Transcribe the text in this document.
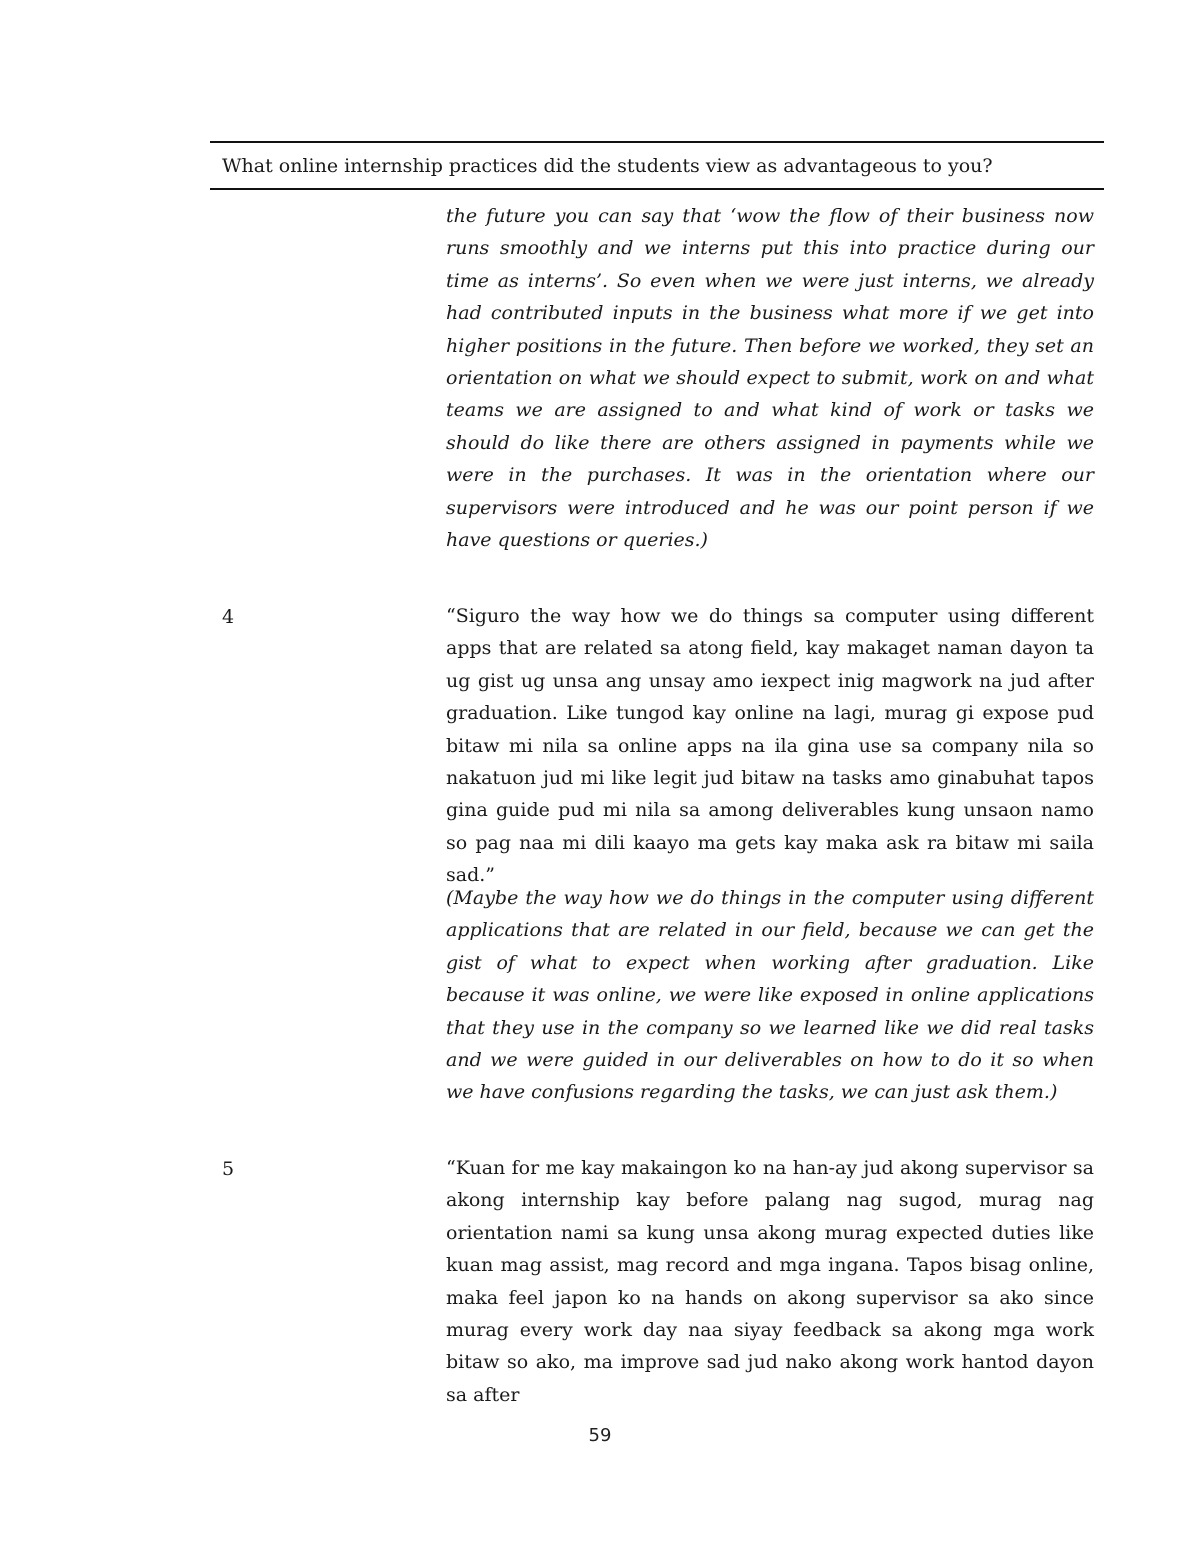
What online internship practices did the students view as advantageous to you?

the future you can say that ‘wow the flow of their business now runs smoothly and we interns put this into practice during our time as interns’. So even when we were just interns, we already had contributed inputs in the business what more if we get into higher positions in the future. Then before we worked, they set an orientation on what we should expect to submit, work on and what teams we are assigned to and what kind of work or tasks we should do like there are others assigned in payments while we were in the purchases. It was in the orientation where our supervisors were introduced and he was our point person if we have questions or queries.)

4	“Siguro the way how we do things sa computer using different apps that are related sa atong field, kay makaget naman dayon ta ug gist ug unsa ang unsay amo iexpect inig magwork na jud after graduation. Like tungod kay online na lagi, murag gi expose pud bitaw mi nila sa online apps na ila gina use sa company nila so nakatuon jud mi like legit jud bitaw na tasks amo ginabuhat tapos gina guide pud mi nila sa among deliverables kung unsaon namo so pag naa mi dili kaayo ma gets kay maka ask ra bitaw mi saila sad.”

(Maybe the way how we do things in the computer using different applications that are related in our field, because we can get the gist of what to expect when working after graduation. Like because it was online, we were like exposed in online applications that they use in the company so we learned like we did real tasks and we were guided in our deliverables on how to do it so when we have confusions regarding the tasks, we can just ask them.)

5	“Kuan for me kay makaingon ko na han-ay jud akong supervisor sa akong internship kay before palang nag sugod, murag nag orientation nami sa kung unsa akong murag expected duties like kuan mag assist, mag record and mga ingana. Tapos bisag online, maka feel japon ko na hands on akong supervisor sa ako since murag every work day naa siyay feedback sa akong mga work bitaw so ako, ma improve sad jud nako akong work hantod dayon sa after

59
